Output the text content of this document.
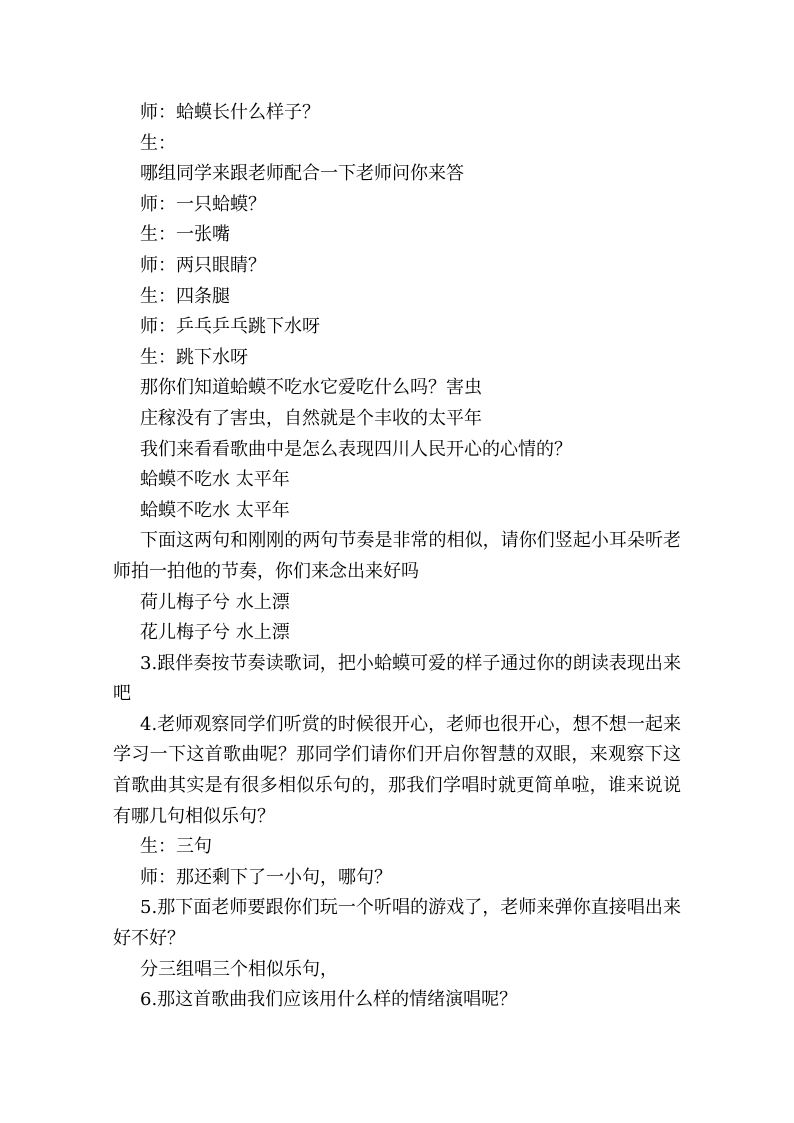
师：蛤蟆长什么样子？

生：

哪组同学来跟老师配合一下老师问你来答

师：一只蛤蟆？

生：一张嘴

师：两只眼睛？

生：四条腿

师：乒乓乒乓跳下水呀

生：跳下水呀

那你们知道蛤蟆不吃水它爱吃什么吗？害虫

庄稼没有了害虫，自然就是个丰收的太平年

我们来看看歌曲中是怎么表现四川人民开心的心情的？

蛤蟆不吃水 太平年

蛤蟆不吃水 太平年

下面这两句和刚刚的两句节奏是非常的相似，请你们竖起小耳朵听老师拍一拍他的节奏，你们来念出来好吗

荷儿梅子兮 水上漂

花儿梅子兮 水上漂

3.跟伴奏按节奏读歌词，把小蛤蟆可爱的样子通过你的朗读表现出来吧

4.老师观察同学们听赏的时候很开心，老师也很开心，想不想一起来学习一下这首歌曲呢？那同学们请你们开启你智慧的双眼，来观察下这首歌曲其实是有很多相似乐句的，那我们学唱时就更简单啦，谁来说说有哪几句相似乐句？

生：三句

师：那还剩下了一小句，哪句？

5.那下面老师要跟你们玩一个听唱的游戏了，老师来弹你直接唱出来好不好？

分三组唱三个相似乐句，

6.那这首歌曲我们应该用什么样的情绪演唱呢？
